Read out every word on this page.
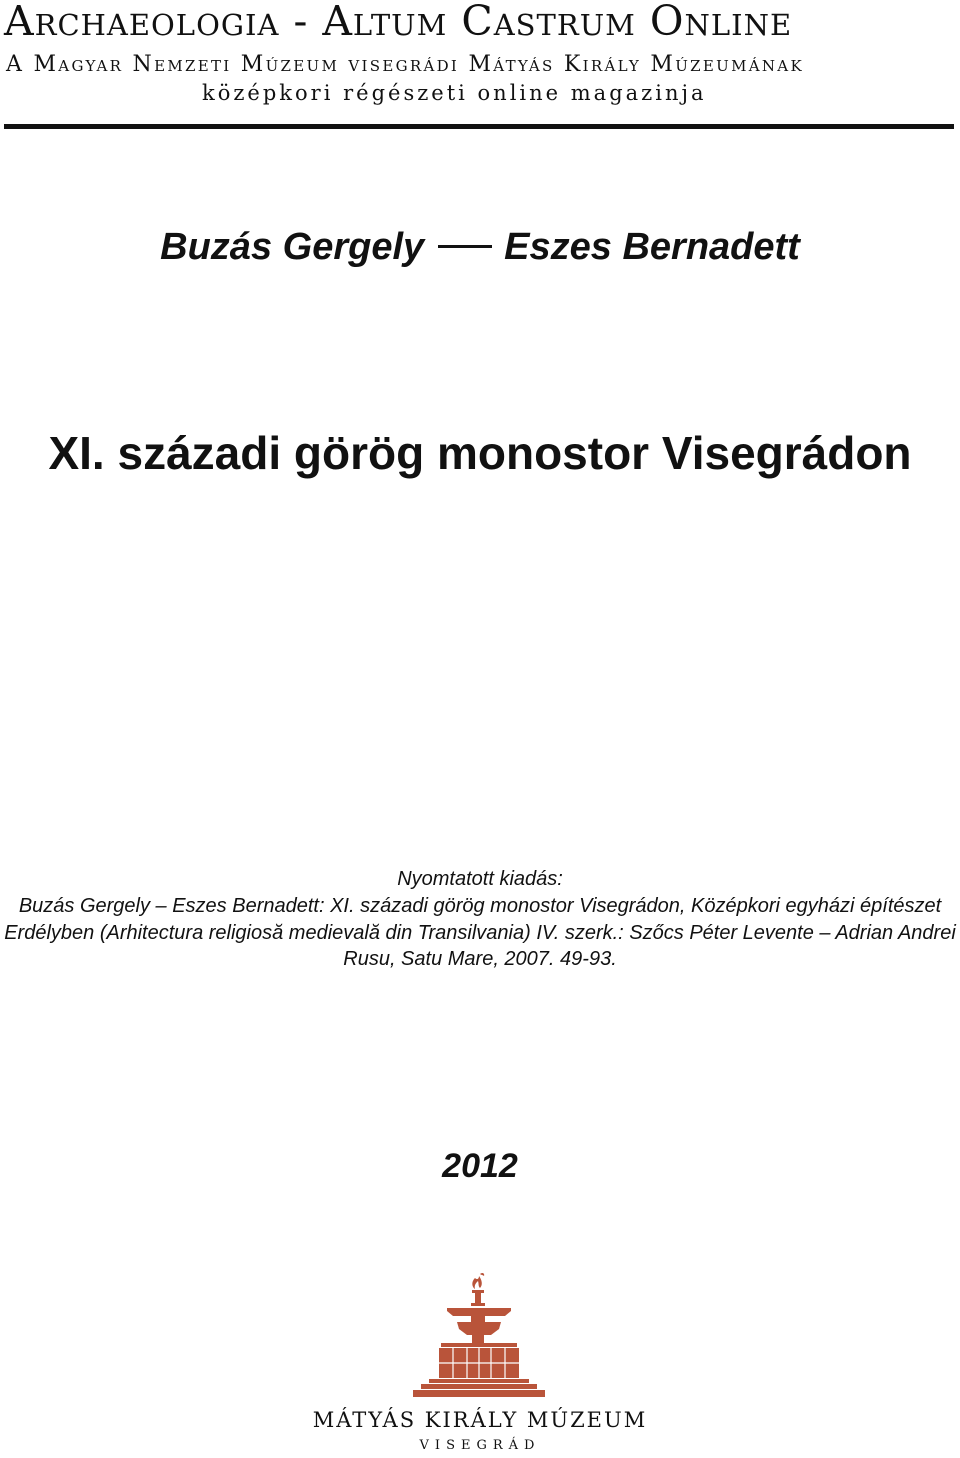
Archaeologia - Altum Castrum Online
A Magyar Nemzeti Múzeum visegrádi Mátyás Király Múzeumának
középkori régészeti online magazinja
Buzás Gergely Eszes Bernadett
XI. századi görög monostor Visegrádon
Nyomtatott kiadás:
Buzás Gergely – Eszes Bernadett: XI. századi görög monostor Visegrádon, Középkori egyházi építészet Erdélyben (Arhitectura religiosă medievală din Transilvania) IV. szerk.: Szőcs Péter Levente – Adrian Andrei Rusu, Satu Mare, 2007. 49-93.
2012
MÁTYÁS KIRÁLY MÚZEUM
VISEGRÁD
